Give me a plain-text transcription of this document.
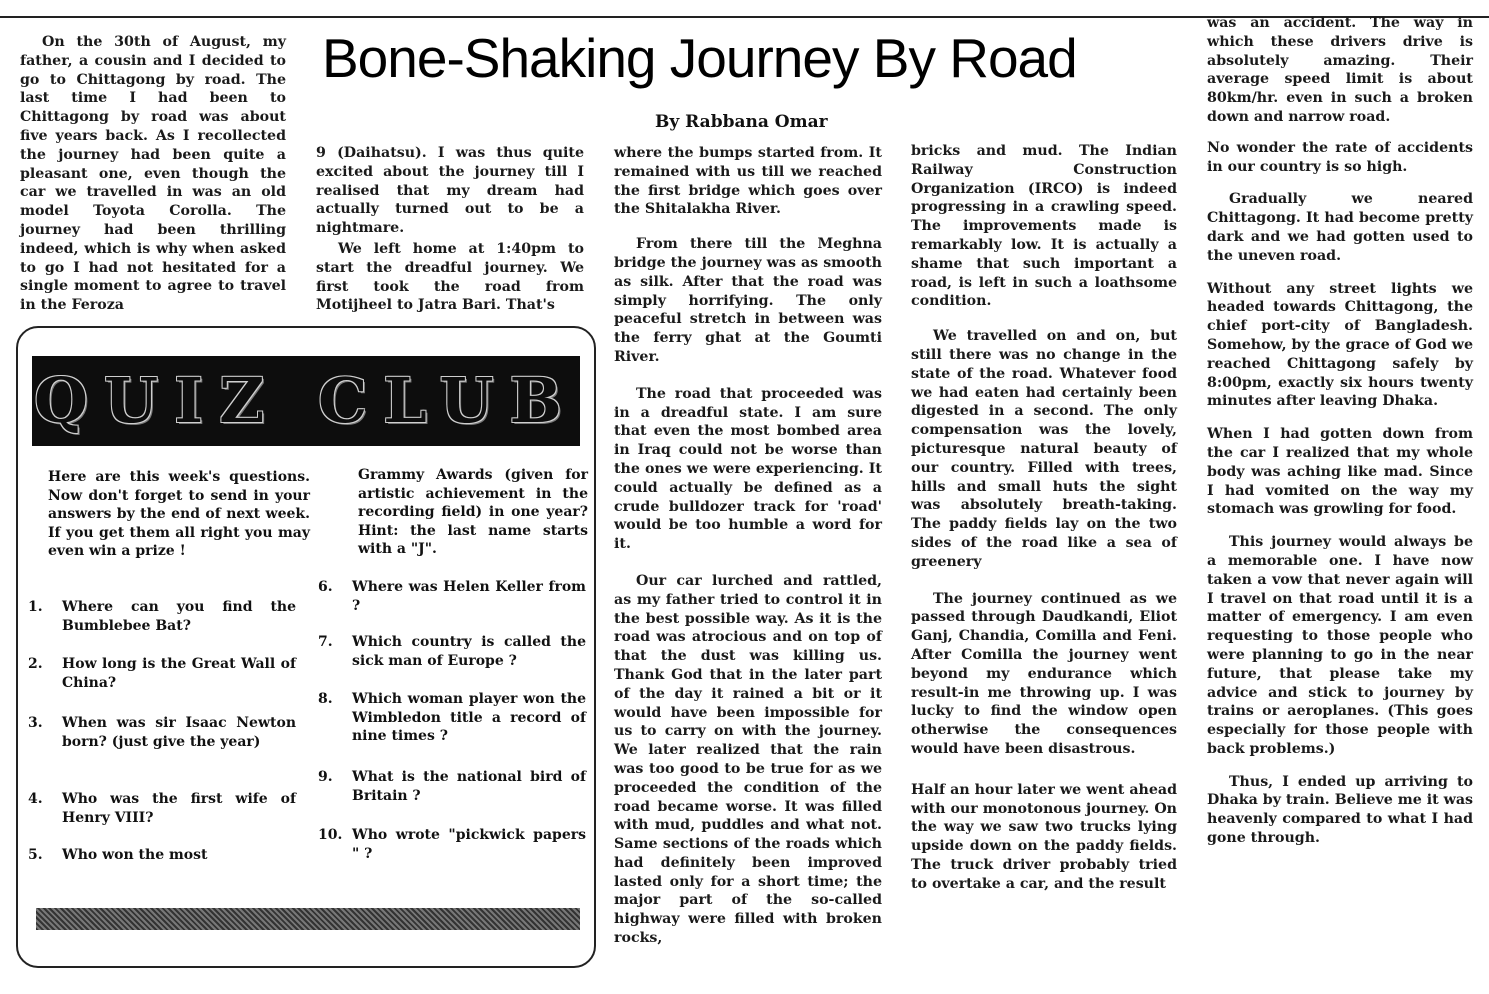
Bone-Shaking Journey By Road
By Rabbana Omar

On the 30th of August, my father, a cousin and I decided to go to Chittagong by road. The last time I had been to Chittagong by road was about five years back. As I recollected the journey had been quite a pleasant one, even though the car we travelled in was an old model Toyota Corolla. The journey had been thrilling indeed, which is why when asked to go I had not hesitated for a single moment to agree to travel in the Feroza

9 (Daihatsu). I was thus quite excited about the journey till I realised that my dream had actually turned out to be a nightmare.

We left home at 1:40pm to start the dreadful journey. We first took the road from Motijheel to Jatra Bari. That's

where the bumps started from. It remained with us till we reached the first bridge which goes over the Shitalakha River.

From there till the Meghna bridge the journey was as smooth as silk. After that the road was simply horrifying. The only peaceful stretch in between was the ferry ghat at the Goumti River.

The road that proceeded was in a dreadful state. I am sure that even the most bombed area in Iraq could not be worse than the ones we were experiencing. It could actually be defined as a crude bulldozer track for 'road' would be too humble a word for it.

Our car lurched and rattled, as my father tried to control it in the best possible way. As it is the road was atrocious and on top of that the dust was killing us. Thank God that in the later part of the day it rained a bit or it would have been impossible for us to carry on with the journey. We later realized that the rain was too good to be true for as we proceeded the condition of the road became worse. It was filled with mud, puddles and what not. Same sections of the roads which had definitely been improved lasted only for a short time; the major part of the so-called highway were filled with broken rocks,

bricks and mud. The Indian Railway Construction Organization (IRCO) is indeed progressing in a crawling speed. The improvements made is remarkably low. It is actually a shame that such important a road, is left in such a loathsome condition.

We travelled on and on, but still there was no change in the state of the road. Whatever food we had eaten had certainly been digested in a second. The only compensation was the lovely, picturesque natural beauty of our country. Filled with trees, hills and small huts the sight was absolutely breath-taking. The paddy fields lay on the two sides of the road like a sea of greenery

The journey continued as we passed through Daudkandi, Eliot Ganj, Chandia, Comilla and Feni. After Comilla the journey went beyond my endurance which result-in me throwing up. I was lucky to find the window open otherwise the consequences would have been disastrous.

Half an hour later we went ahead with our monotonous journey. On the way we saw two trucks lying upside down on the paddy fields. The truck driver probably tried to overtake a car, and the result

was an accident. The way in which these drivers drive is absolutely amazing. Their average speed limit is about 80km/hr. even in such a broken down and narrow road.

No wonder the rate of accidents in our country is so high.

Gradually we neared Chittagong. It had become pretty dark and we had gotten used to the uneven road.

Without any street lights we headed towards Chittagong, the chief port-city of Bangladesh. Somehow, by the grace of God we reached Chittagong safely by 8:00pm, exactly six hours twenty minutes after leaving Dhaka.

When I had gotten down from the car I realized that my whole body was aching like mad. Since I had vomited on the way my stomach was growling for food.

This journey would always be a memorable one. I have now taken a vow that never again will I travel on that road until it is a matter of emergency. I am even requesting to those people who were planning to go in the near future, that please take my advice and stick to journey by trains or aeroplanes. (This goes especially for those people with back problems.)

Thus, I ended up arriving to Dhaka by train. Believe me it was heavenly compared to what I had gone through.

QUIZ CLUB
Here are this week's questions. Now don't forget to send in your answers by the end of next week. If you get them all right you may even win a prize !
Grammy Awards (given for artistic achievement in the recording field) in one year? Hint: the last name starts with a "J".
1.	Where can you find the Bumblebee Bat?
2.	How long is the Great Wall of China?
3.	When was sir Isaac Newton born? (just give the year)
4.	Who was the first wife of Henry VIII?
5.	Who won the most
6.	Where was Helen Keller from ?
7.	Which country is called the sick man of Europe ?
8.	Which woman player won the Wimbledon title a record of nine times ?
9.	What is the national bird of Britain ?
10. Who wrote "pickwick papers " ?
